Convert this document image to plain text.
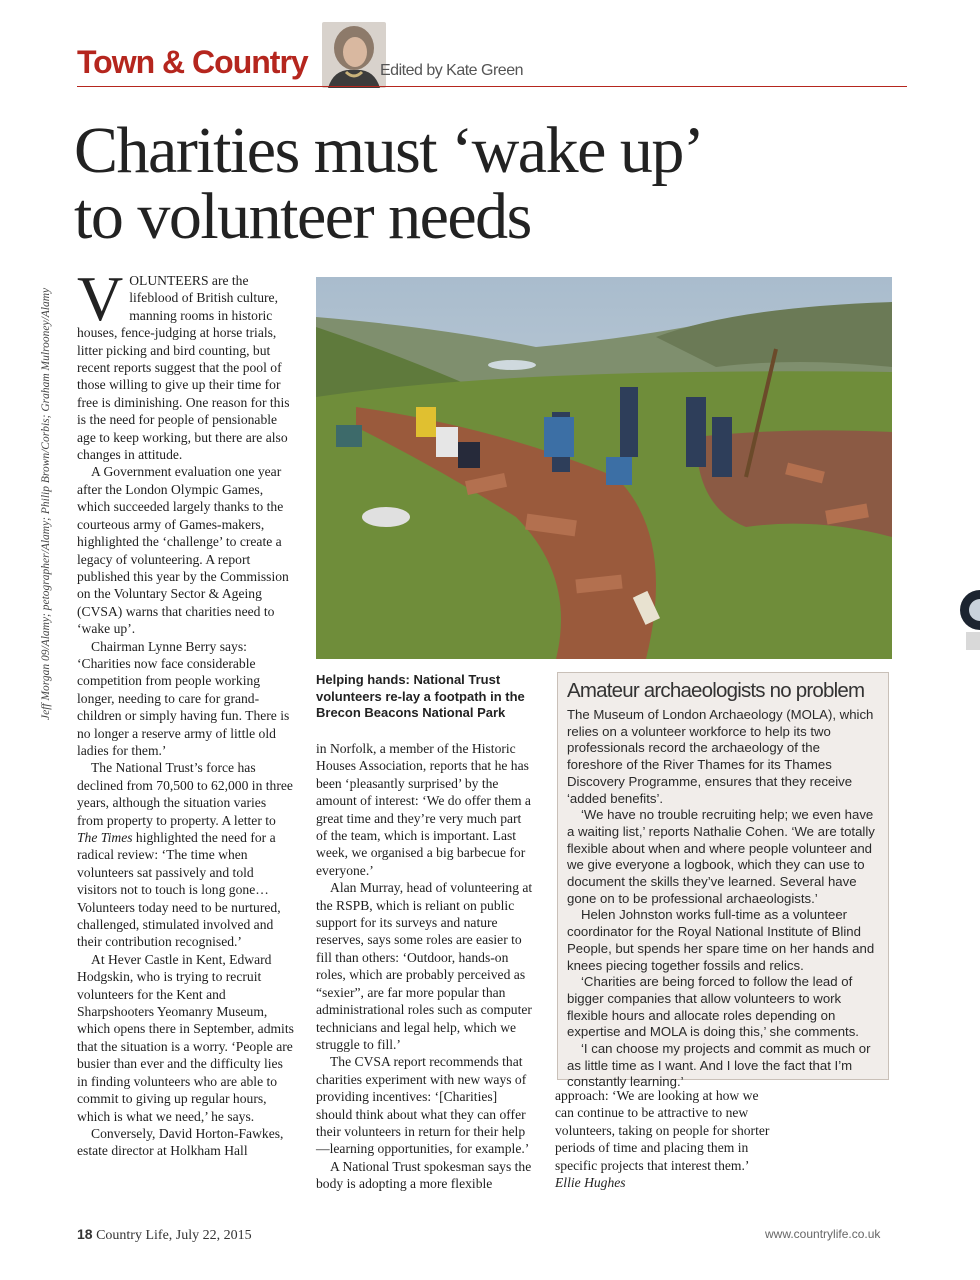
Town & Country	Edited by Kate Green
Charities must ‘wake up’
to volunteer needs
Jeff Morgan 09/Alamy; petographer/Alamy; Philip Brown/Corbis; Graham Mulrooney/Alamy VOLUNTEERS are the lifeblood of British culture, manning rooms in historic houses, fence-judging at horse trials, litter picking and bird counting, but recent reports suggest that the pool of those willing to give up their time for free is diminishing. One reason for this is the need for people of pensionable age to keep working, but there are also changes in attitude.

A Government evaluation one year after the London Olympic Games, which succeeded largely thanks to the courteous army of Games-makers, highlighted the ‘challenge’ to create a legacy of volunteering. A report published this year by the Commission on the Voluntary Sector & Ageing (CVSA) warns that charities need to ‘wake up’.

Chairman Lynne Berry says: ‘Charities now face considerable competition from people working longer, needing to care for grand-children or simply having fun. There is no longer a reserve army of little old ladies for them.’

The National Trust’s force has declined from 70,500 to 62,000 in three years, although the situation varies from property to property. A letter to The Times highlighted the need for a radical review: ‘The time when volunteers sat passively and told visitors not to touch is long gone… Volunteers today need to be nurtured, challenged, stimulated involved and their contribution recognised.’

At Hever Castle in Kent, Edward Hodgskin, who is trying to recruit volunteers for the Kent and Sharpshooters Yeomanry Museum, which opens there in September, admits that the situation is a worry. ‘People are busier than ever and the difficulty lies in finding volunteers who are able to commit to giving up regular hours, which is what we need,’ he says.

Conversely, David Horton-Fawkes, estate director at Holkham Hall

Helping hands: National Trust volunteers re-lay a footpath in the Brecon Beacons National Park
Amateur archaeologists no problem

The Museum of London Archaeology (MOLA), which relies on a volunteer workforce to help its two professionals record the archaeology of the foreshore of the River Thames for its Thames Discovery Programme, ensures that they receive ‘added benefits’.

‘We have no trouble recruiting help; we even have a waiting list,’ reports Nathalie Cohen. ‘We are totally flexible about when and where people volunteer and we give everyone a logbook, which they can use to document the skills they’ve learned. Several have gone on to be professional archaeologists.’

Helen Johnston works full-time as a volunteer coordinator for the Royal National Institute of Blind People, but spends her spare time on her hands and knees piecing together fossils and relics.

‘Charities are being forced to follow the lead of bigger companies that allow volunteers to work flexible hours and allocate roles depending on expertise and MOLA is doing this,’ she comments.

‘I can choose my projects and commit as much or as little time as I want. And I love the fact that I’m constantly learning.’

in Norfolk, a member of the Historic Houses Association, reports that he has been ‘pleasantly surprised’ by the amount of interest: ‘We do offer them a great time and they’re very much part of the team, which is important. Last week, we organised a big barbecue for everyone.’

Alan Murray, head of volunteering at the RSPB, which is reliant on public support for its surveys and nature reserves, says some roles are easier to fill than others: ‘Outdoor, hands-on roles, which are probably perceived as “sexier”, are far more popular than administrational roles such as computer technicians and legal help, which we struggle to fill.’

The CVSA report recommends that charities experiment with new ways of providing incentives: ‘[Charities] should think about what they can offer their volunteers in return for their help—learning opportunities, for example.’

A National Trust spokesman says the body is adopting a more flexible

approach: ‘We are looking at how we can continue to be attractive to new volunteers, taking on people for shorter periods of time and placing them in specific projects that interest them.’

Ellie Hughes

18 Country Life, July 22, 2015	www.countrylife.co.uk
